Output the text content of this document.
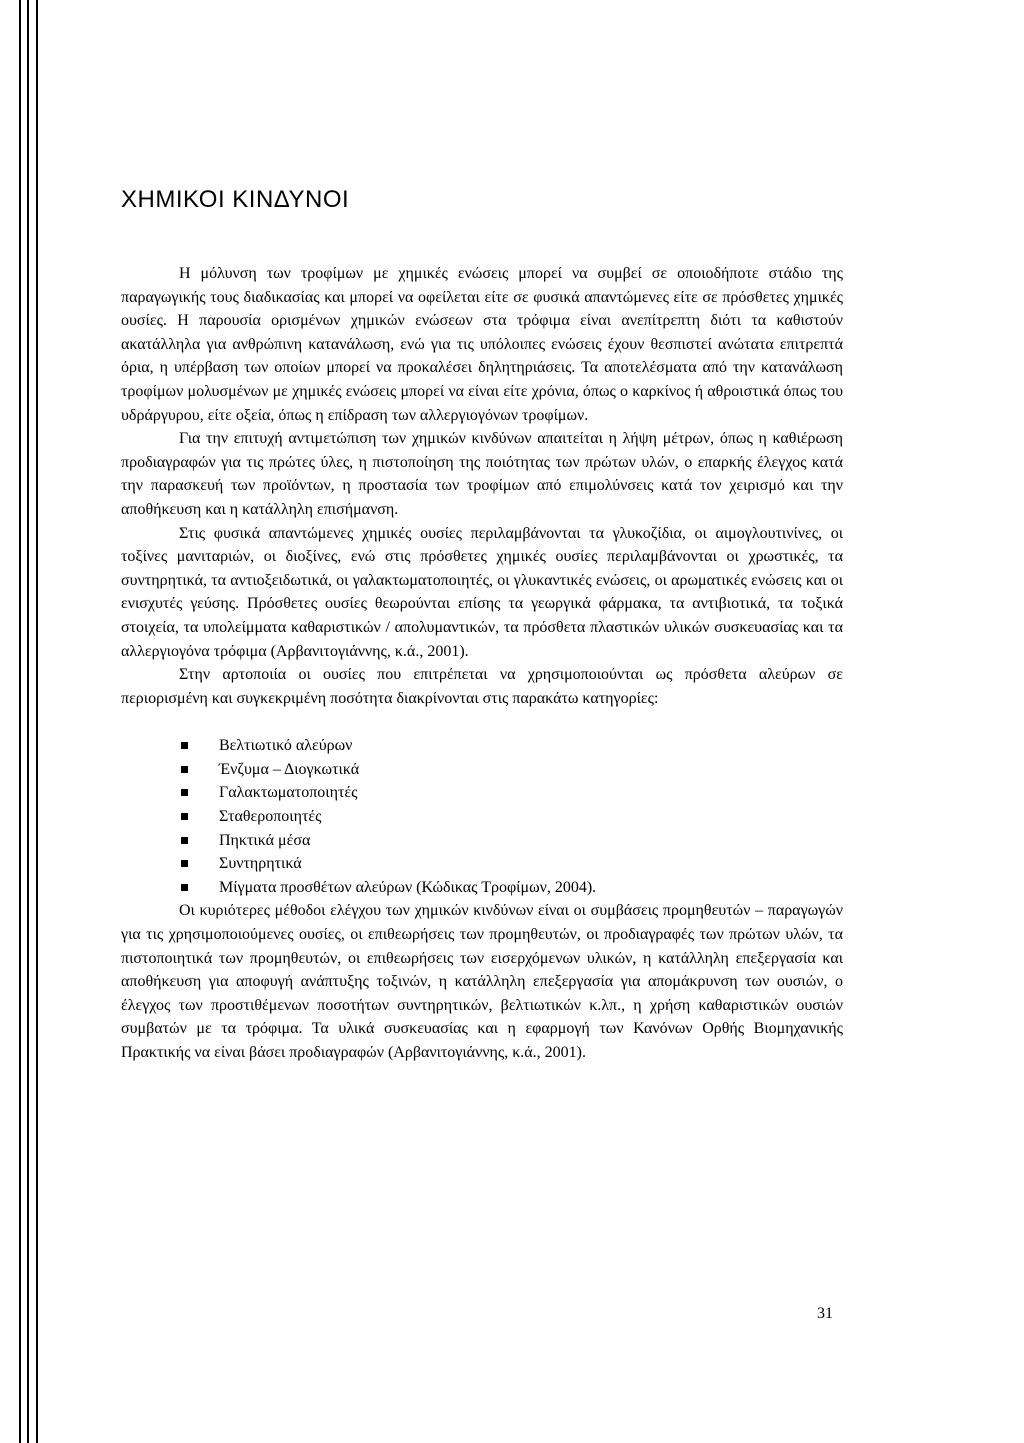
ΧΗΜΙΚΟΙ ΚΙΝΔΥΝΟΙ

Η μόλυνση των τροφίμων με χημικές ενώσεις μπορεί να συμβεί σε οποιοδήποτε στάδιο της παραγωγικής τους διαδικασίας και μπορεί να οφείλεται είτε σε φυσικά απαντώμενες είτε σε πρόσθετες χημικές ουσίες. Η παρουσία ορισμένων χημικών ενώσεων στα τρόφιμα είναι ανεπίτρεπτη διότι τα καθιστούν ακατάλληλα για ανθρώπινη κατανάλωση, ενώ για τις υπόλοιπες ενώσεις έχουν θεσπιστεί ανώτατα επιτρεπτά όρια, η υπέρβαση των οποίων μπορεί να προκαλέσει δηλητηριάσεις. Τα αποτελέσματα από την κατανάλωση τροφίμων μολυσμένων με χημικές ενώσεις μπορεί να είναι είτε χρόνια, όπως ο καρκίνος ή αθροιστικά όπως του υδράργυρου, είτε οξεία, όπως η επίδραση των αλλεργιογόνων τροφίμων.

Για την επιτυχή αντιμετώπιση των χημικών κινδύνων απαιτείται η λήψη μέτρων, όπως η καθιέρωση προδιαγραφών για τις πρώτες ύλες, η πιστοποίηση της ποιότητας των πρώτων υλών, ο επαρκής έλεγχος κατά την παρασκευή των προϊόντων, η προστασία των τροφίμων από επιμολύνσεις κατά τον χειρισμό και την αποθήκευση και η κατάλληλη επισήμανση.

Στις φυσικά απαντώμενες χημικές ουσίες περιλαμβάνονται τα γλυκοζίδια, οι αιμογλουτινίνες, οι τοξίνες μανιταριών, οι διοξίνες, ενώ στις πρόσθετες χημικές ουσίες περιλαμβάνονται οι χρωστικές, τα συντηρητικά, τα αντιοξειδωτικά, οι γαλακτωματοποιητές, οι γλυκαντικές ενώσεις, οι αρωματικές ενώσεις και οι ενισχυτές γεύσης. Πρόσθετες ουσίες θεωρούνται επίσης τα γεωργικά φάρμακα, τα αντιβιοτικά, τα τοξικά στοιχεία, τα υπολείμματα καθαριστικών / απολυμαντικών, τα πρόσθετα πλαστικών υλικών συσκευασίας και τα αλλεργιογόνα τρόφιμα (Αρβανιτογιάννης, κ.ά., 2001).

Στην αρτοποιία οι ουσίες που επιτρέπεται να χρησιμοποιούνται ως πρόσθετα αλεύρων σε περιορισμένη και συγκεκριμένη ποσότητα διακρίνονται στις παρακάτω κατηγορίες:

Βελτιωτικό αλεύρων
Ένζυμα – Διογκωτικά
Γαλακτωματοποιητές
Σταθεροποιητές
Πηκτικά μέσα
Συντηρητικά
Μίγματα προσθέτων αλεύρων (Κώδικας Τροφίμων, 2004).

Οι κυριότερες μέθοδοι ελέγχου των χημικών κινδύνων είναι οι συμβάσεις προμηθευτών – παραγωγών για τις χρησιμοποιούμενες ουσίες, οι επιθεωρήσεις των προμηθευτών, οι προδιαγραφές των πρώτων υλών, τα πιστοποιητικά των προμηθευτών, οι επιθεωρήσεις των εισερχόμενων υλικών, η κατάλληλη επεξεργασία και αποθήκευση για αποφυγή ανάπτυξης τοξινών, η κατάλληλη επεξεργασία για απομάκρυνση των ουσιών, ο έλεγχος των προστιθέμενων ποσοτήτων συντηρητικών, βελτιωτικών κ.λπ., η χρήση καθαριστικών ουσιών συμβατών με τα τρόφιμα. Τα υλικά συσκευασίας και η εφαρμογή των Κανόνων Ορθής Βιομηχανικής Πρακτικής να είναι βάσει προδιαγραφών (Αρβανιτογιάννης, κ.ά., 2001).

31
